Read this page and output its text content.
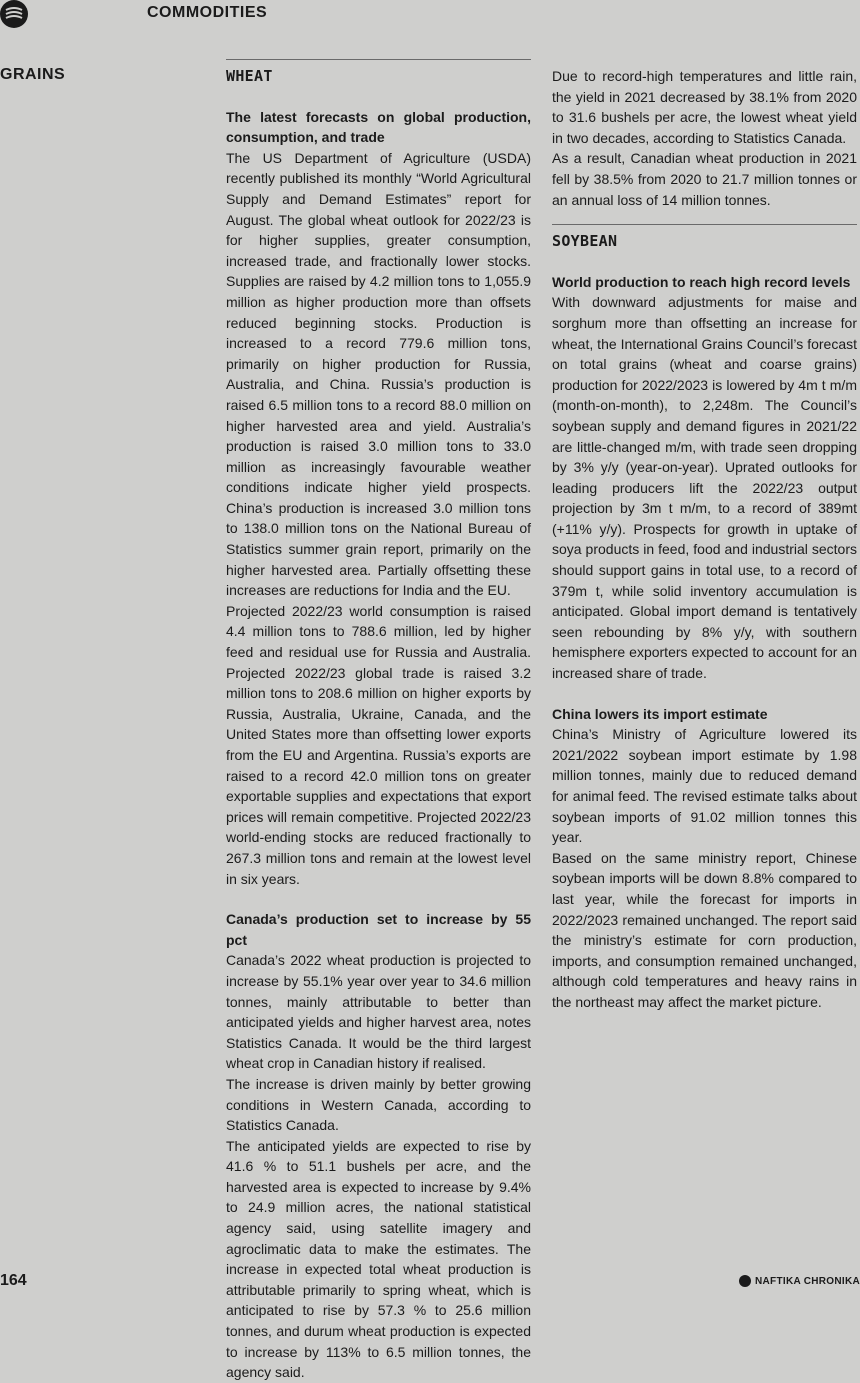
COMMODITIES
GRAINS	WHEAT

The latest forecasts on global production, consumption, and trade

The US Department of Agriculture (USDA) recently published its monthly “World Agricultural Supply and Demand Estimates” report for August. The global wheat outlook for 2022/23 is for higher supplies, greater consumption, increased trade, and fractionally lower stocks. Supplies are raised by 4.2 million tons to 1,055.9 million as higher production more than offsets reduced beginning stocks. Production is increased to a record 779.6 million tons, primarily on higher production for Russia, Australia, and China. Russia’s production is raised 6.5 million tons to a record 88.0 million on higher harvested area and yield. Australia’s production is raised 3.0 million tons to 33.0 million as increasingly favourable weather conditions indicate higher yield prospects. China’s production is increased 3.0 million tons to 138.0 million tons on the National Bureau of Statistics summer grain report, primarily on the higher harvested area. Partially offsetting these increases are reductions for India and the EU.

Projected 2022/23 world consumption is raised 4.4 million tons to 788.6 million, led by higher feed and residual use for Russia and Australia. Projected 2022/23 global trade is raised 3.2 million tons to 208.6 million on higher exports by Russia, Australia, Ukraine, Canada, and the United States more than offsetting lower exports from the EU and Argentina. Russia’s exports are raised to a record 42.0 million tons on greater exportable supplies and expectations that export prices will remain competitive. Projected 2022/23 world-ending stocks are reduced fractionally to 267.3 million tons and remain at the lowest level in six years.

Canada’s production set to increase by 55 pct

Canada’s 2022 wheat production is projected to increase by 55.1% year over year to 34.6 million tonnes, mainly attributable to better than anticipated yields and higher harvest area, notes Statistics Canada. It would be the third largest wheat crop in Canadian history if realised.

The increase is driven mainly by better growing conditions in Western Canada, according to Statistics Canada.

The anticipated yields are expected to rise by 41.6 % to 51.1 bushels per acre, and the harvested area is expected to increase by 9.4% to 24.9 million acres, the national statistical agency said, using satellite imagery and agroclimatic data to make the estimates. The increase in expected total wheat production is attributable primarily to spring wheat, which is anticipated to rise by 57.3 % to 25.6 million tonnes, and durum wheat production is expected to increase by 113% to 6.5 million tonnes, the agency said.

Due to record-high temperatures and little rain, the yield in 2021 decreased by 38.1% from 2020 to 31.6 bushels per acre, the lowest wheat yield in two decades, according to Statistics Canada.

As a result, Canadian wheat production in 2021 fell by 38.5% from 2020 to 21.7 million tonnes or an annual loss of 14 million tonnes.

SOYBEAN

World production to reach high record levels

With downward adjustments for maise and sorghum more than offsetting an increase for wheat, the International Grains Council’s forecast on total grains (wheat and coarse grains) production for 2022/2023 is lowered by 4m t m/m (month-on-month), to 2,248m. The Council’s soybean supply and demand figures in 2021/22 are little-changed m/m, with trade seen dropping by 3% y/y (year-on-year). Uprated outlooks for leading producers lift the 2022/23 output projection by 3m t m/m, to a record of 389mt (+11% y/y). Prospects for growth in uptake of soya products in feed, food and industrial sectors should support gains in total use, to a record of 379m t, while solid inventory accumulation is anticipated. Global import demand is tentatively seen rebounding by 8% y/y, with southern hemisphere exporters expected to account for an increased share of trade.

China lowers its import estimate

China’s Ministry of Agriculture lowered its 2021/2022 soybean import estimate by 1.98 million tonnes, mainly due to reduced demand for animal feed. The revised estimate talks about soybean imports of 91.02 million tonnes this year.

Based on the same ministry report, Chinese soybean imports will be down 8.8% compared to last year, while the forecast for imports in 2022/2023 remained unchanged. The report said the ministry’s estimate for corn production, imports, and consumption remained unchanged, although cold temperatures and heavy rains in the northeast may affect the market picture.

164	NAFTIKA CHRONIKA
